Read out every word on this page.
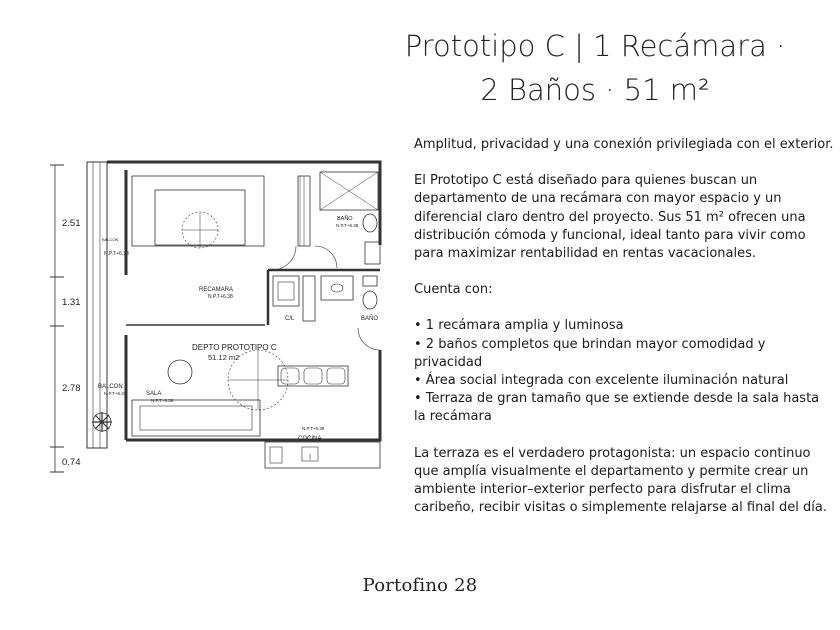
Prototipo C | 1 Recámara ·
2 Baños · 51 m²
2.51
1.31
2.78
0.74
BALCON
N.P.T+6.33
RECAMARA
N.P.T+6.38
BAÑO
N.P.T+6.38
C/L	BAÑO
DEPTO PROTOTIPO C
51.12 m2
BALCON
N.P.T+6.33	SALA
N.P.T+6.38
N.P.T+6.38
COCINA

Amplitud, privacidad y una conexión privilegiada con el exterior.

El Prototipo C está diseñado para quienes buscan un departamento de una recámara con mayor espacio y un diferencial claro dentro del proyecto. Sus 51 m² ofrecen una distribución cómoda y funcional, ideal tanto para vivir como para maximizar rentabilidad en rentas vacacionales.

Cuenta con:

• 1 recámara amplia y luminosa

• 2 baños completos que brindan mayor comodidad y privacidad

• Área social integrada con excelente iluminación natural

• Terraza de gran tamaño que se extiende desde la sala hasta la recámara

La terraza es el verdadero protagonista: un espacio continuo que amplía visualmente el departamento y permite crear un ambiente interior–exterior perfecto para disfrutar el clima caribeño, recibir visitas o simplemente relajarse al final del día.

Portofino 28
